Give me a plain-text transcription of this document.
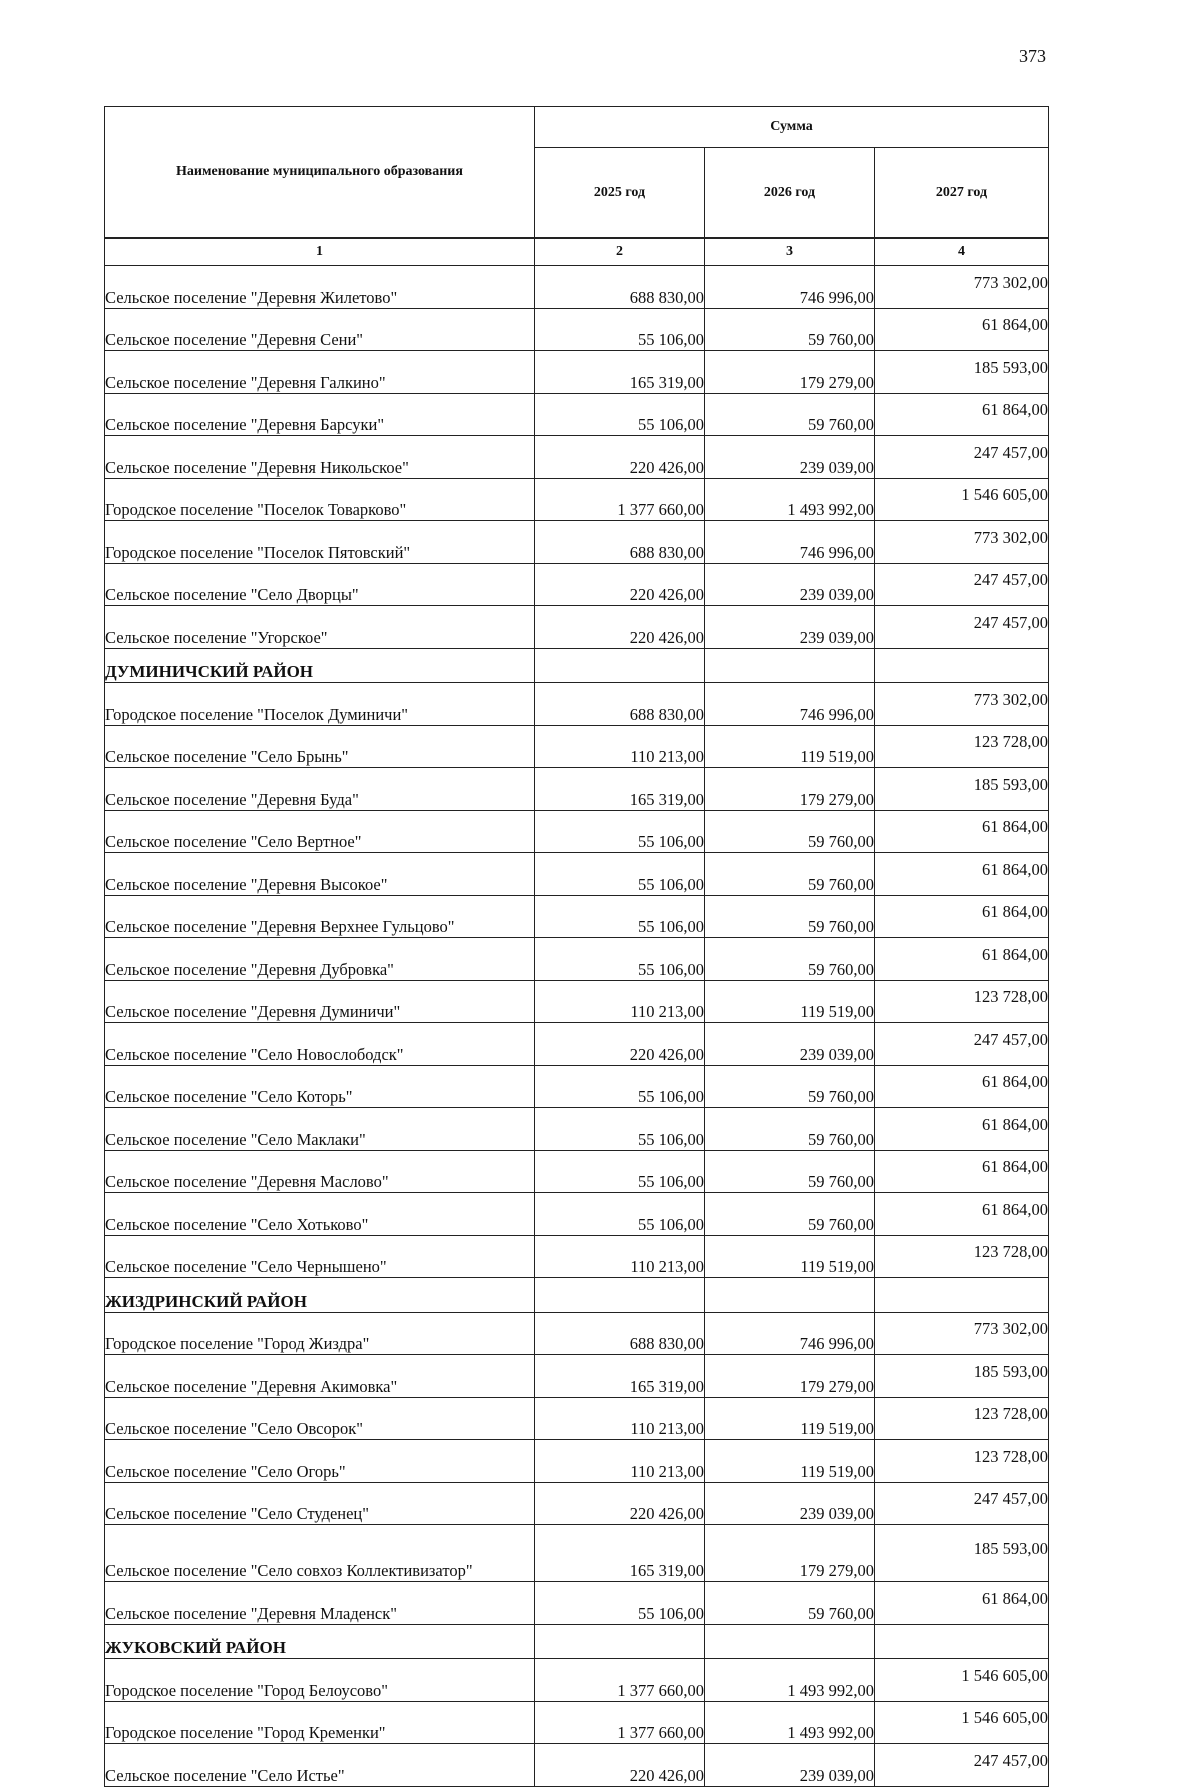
373
Наименование муниципального образования	Сумма		
	2025 год	2026 год	2027 год
1	2	3	4
Сельское поселение "Деревня Жилетово"	688 830,00	746 996,00	773 302,00
Сельское поселение "Деревня Сени"	55 106,00	59 760,00	61 864,00
Сельское поселение "Деревня Галкино"	165 319,00	179 279,00	185 593,00
Сельское поселение "Деревня Барсуки"	55 106,00	59 760,00	61 864,00
Сельское поселение "Деревня Никольское"	220 426,00	239 039,00	247 457,00
Городское поселение "Поселок Товарково"	1 377 660,00	1 493 992,00	1 546 605,00
Городское поселение "Поселок Пятовский"	688 830,00	746 996,00	773 302,00
Сельское поселение "Село Дворцы"	220 426,00	239 039,00	247 457,00
Сельское поселение "Угорское"	220 426,00	239 039,00	247 457,00
ДУМИНИЧСКИЙ РАЙОН			
Городское поселение "Поселок Думиничи"	688 830,00	746 996,00	773 302,00
Сельское поселение "Село Брынь"	110 213,00	119 519,00	123 728,00
Сельское поселение "Деревня Буда"	165 319,00	179 279,00	185 593,00
Сельское поселение "Село Вертное"	55 106,00	59 760,00	61 864,00
Сельское поселение "Деревня Высокое"	55 106,00	59 760,00	61 864,00
Сельское поселение "Деревня Верхнее Гульцово"	55 106,00	59 760,00	61 864,00
Сельское поселение "Деревня Дубровка"	55 106,00	59 760,00	61 864,00
Сельское поселение "Деревня Думиничи"	110 213,00	119 519,00	123 728,00
Сельское поселение "Село Новослободск"	220 426,00	239 039,00	247 457,00
Сельское поселение "Село Которь"	55 106,00	59 760,00	61 864,00
Сельское поселение "Село Маклаки"	55 106,00	59 760,00	61 864,00
Сельское поселение "Деревня Маслово"	55 106,00	59 760,00	61 864,00
Сельское поселение "Село Хотьково"	55 106,00	59 760,00	61 864,00
Сельское поселение "Село Чернышено"	110 213,00	119 519,00	123 728,00
ЖИЗДРИНСКИЙ РАЙОН			
Городское поселение "Город Жиздра"	688 830,00	746 996,00	773 302,00
Сельское поселение "Деревня Акимовка"	165 319,00	179 279,00	185 593,00
Сельское поселение "Село Овсорок"	110 213,00	119 519,00	123 728,00
Сельское поселение "Село Огорь"	110 213,00	119 519,00	123 728,00
Сельское поселение "Село Студенец"	220 426,00	239 039,00	247 457,00
Сельское поселение "Село совхоз Коллективизатор"	165 319,00	179 279,00	185 593,00
Сельское поселение "Деревня Младенск"	55 106,00	59 760,00	61 864,00
ЖУКОВСКИЙ РАЙОН			
Городское поселение "Город Белоусово"	1 377 660,00	1 493 992,00	1 546 605,00
Городское поселение "Город Кременки"	1 377 660,00	1 493 992,00	1 546 605,00
Сельское поселение "Село Истье"	220 426,00	239 039,00	247 457,00
